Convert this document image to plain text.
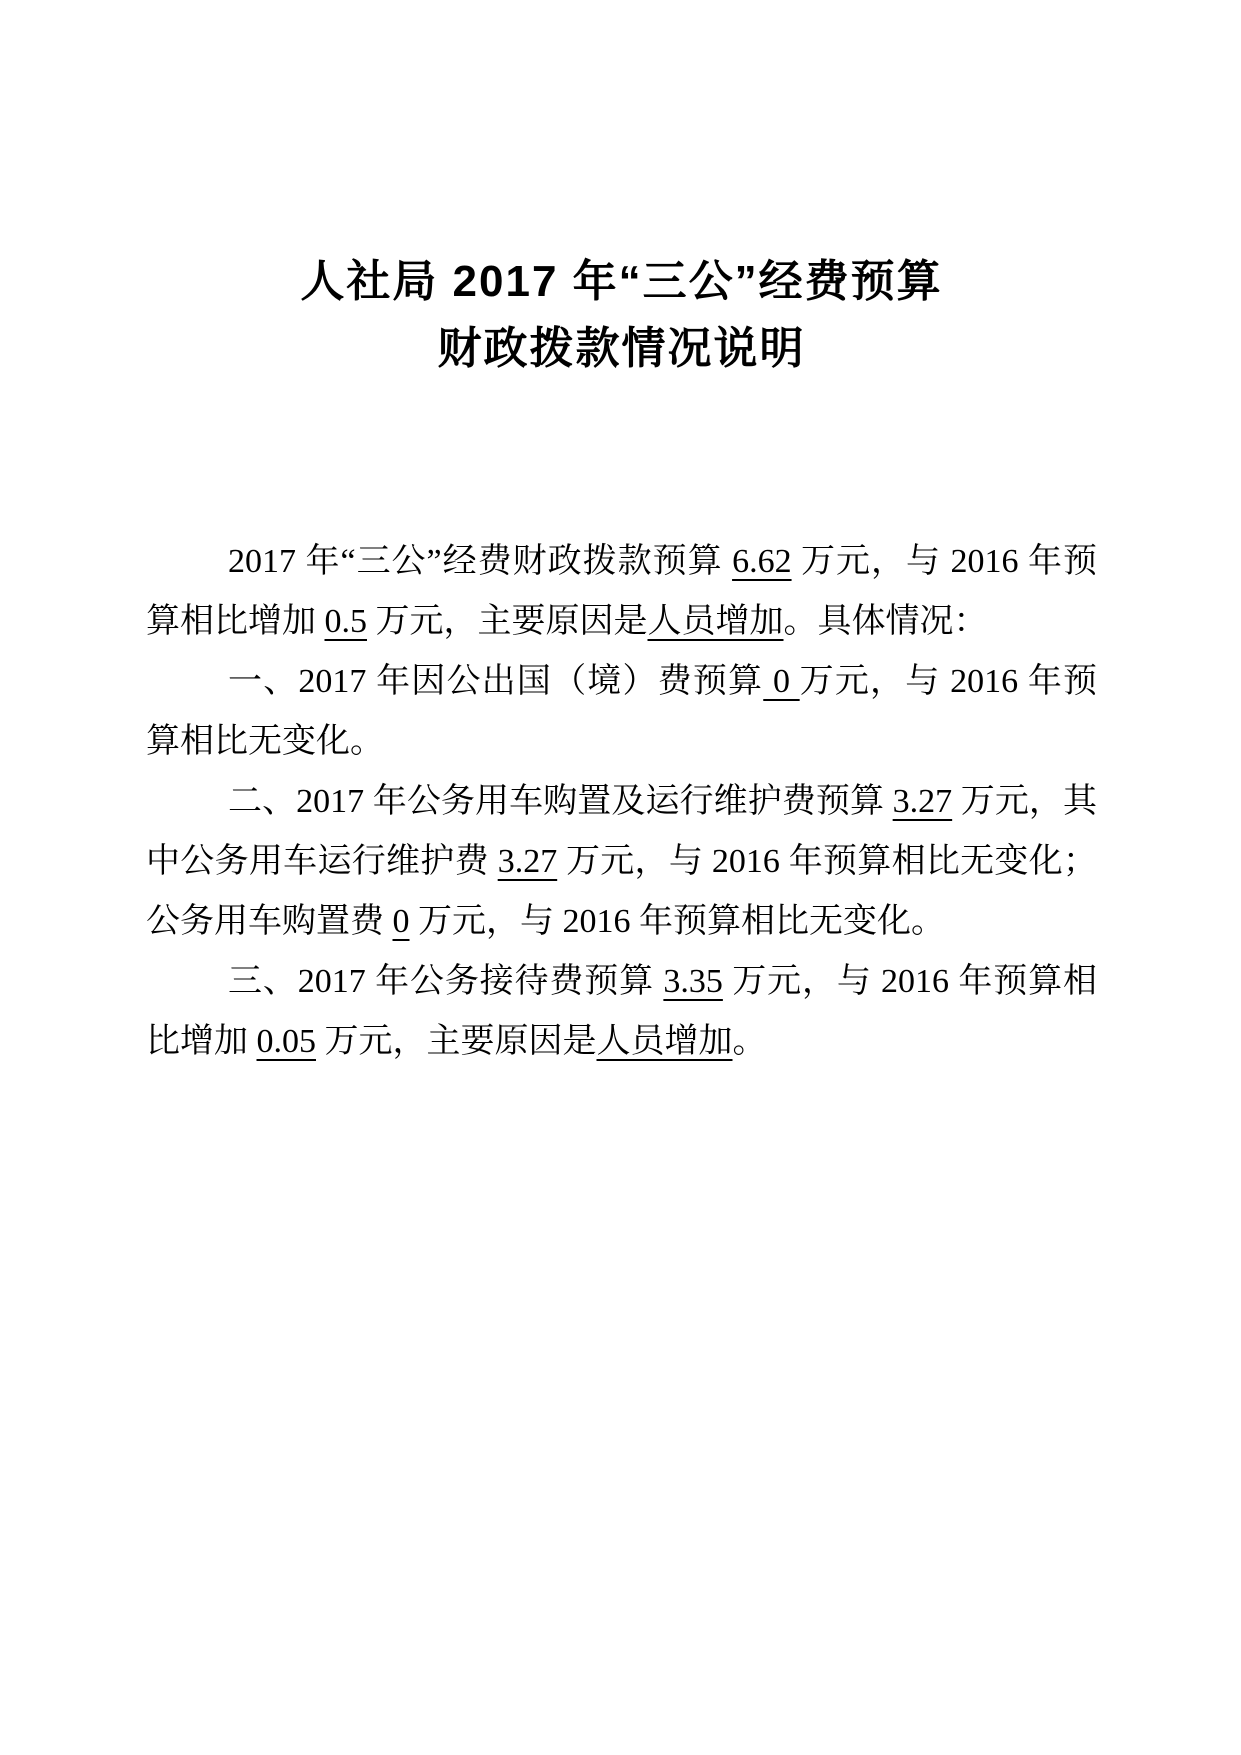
人社局 2017 年“三公”经费预算
财政拨款情况说明

2017 年“三公”经费财政拨款预算 6.62 万元，与 2016 年预算相比增加 0.5 万元，主要原因是人员增加。具体情况：

一、2017 年因公出国（境）费预算 0 万元，与 2016 年预算相比无变化。

二、2017 年公务用车购置及运行维护费预算 3.27 万元，其中公务用车运行维护费 3.27 万元，与 2016 年预算相比无变化；公务用车购置费 0 万元，与 2016 年预算相比无变化。

三、2017 年公务接待费预算 3.35 万元，与 2016 年预算相比增加 0.05 万元，主要原因是人员增加。
